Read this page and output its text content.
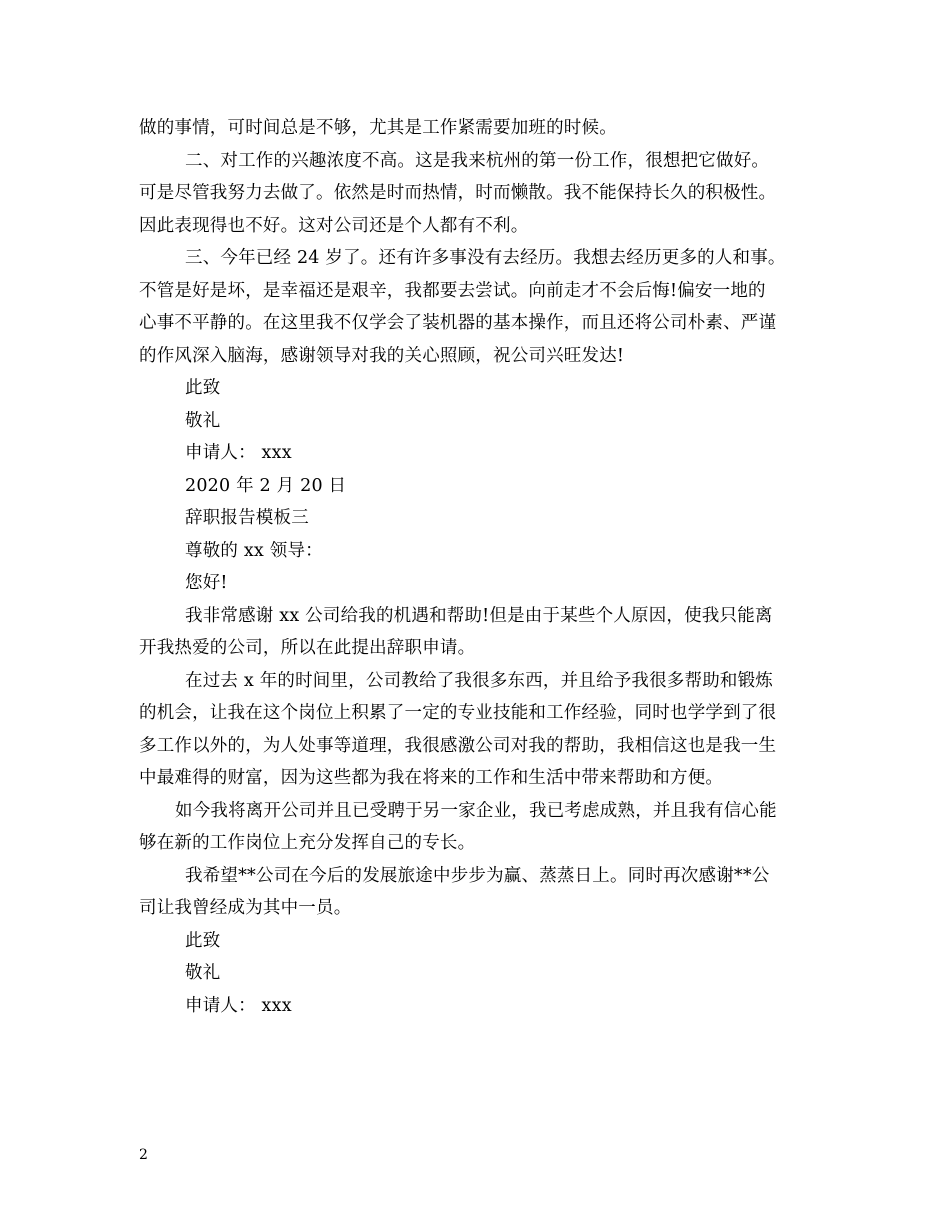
做的事情，可时间总是不够，尤其是工作紧需要加班的时候。
二、对工作的兴趣浓度不高。这是我来杭州的第一份工作，很想把它做好。
可是尽管我努力去做了。依然是时而热情，时而懒散。我不能保持长久的积极性。
因此表现得也不好。这对公司还是个人都有不利。
三、今年已经 24 岁了。还有许多事没有去经历。我想去经历更多的人和事。
不管是好是坏，是幸福还是艰辛，我都要去尝试。向前走才不会后悔!偏安一地的
心事不平静的。在这里我不仅学会了装机器的基本操作，而且还将公司朴素、严谨
的作风深入脑海，感谢领导对我的关心照顾，祝公司兴旺发达!
此致
敬礼
申请人： xxx
2020 年 2 月 20 日
辞职报告模板三
尊敬的 xx 领导：
您好!
我非常感谢 xx 公司给我的机遇和帮助!但是由于某些个人原因，使我只能离
开我热爱的公司，所以在此提出辞职申请。
在过去 x 年的时间里，公司教给了我很多东西，并且给予我很多帮助和锻炼
的机会，让我在这个岗位上积累了一定的专业技能和工作经验，同时也学学到了很
多工作以外的，为人处事等道理，我很感激公司对我的帮助，我相信这也是我一生
中最难得的财富，因为这些都为我在将来的工作和生活中带来帮助和方便。
如今我将离开公司并且已受聘于另一家企业，我已考虑成熟，并且我有信心能
够在新的工作岗位上充分发挥自己的专长。
我希望**公司在今后的发展旅途中步步为赢、蒸蒸日上。同时再次感谢**公
司让我曾经成为其中一员。
此致
敬礼
申请人： xxx
2
